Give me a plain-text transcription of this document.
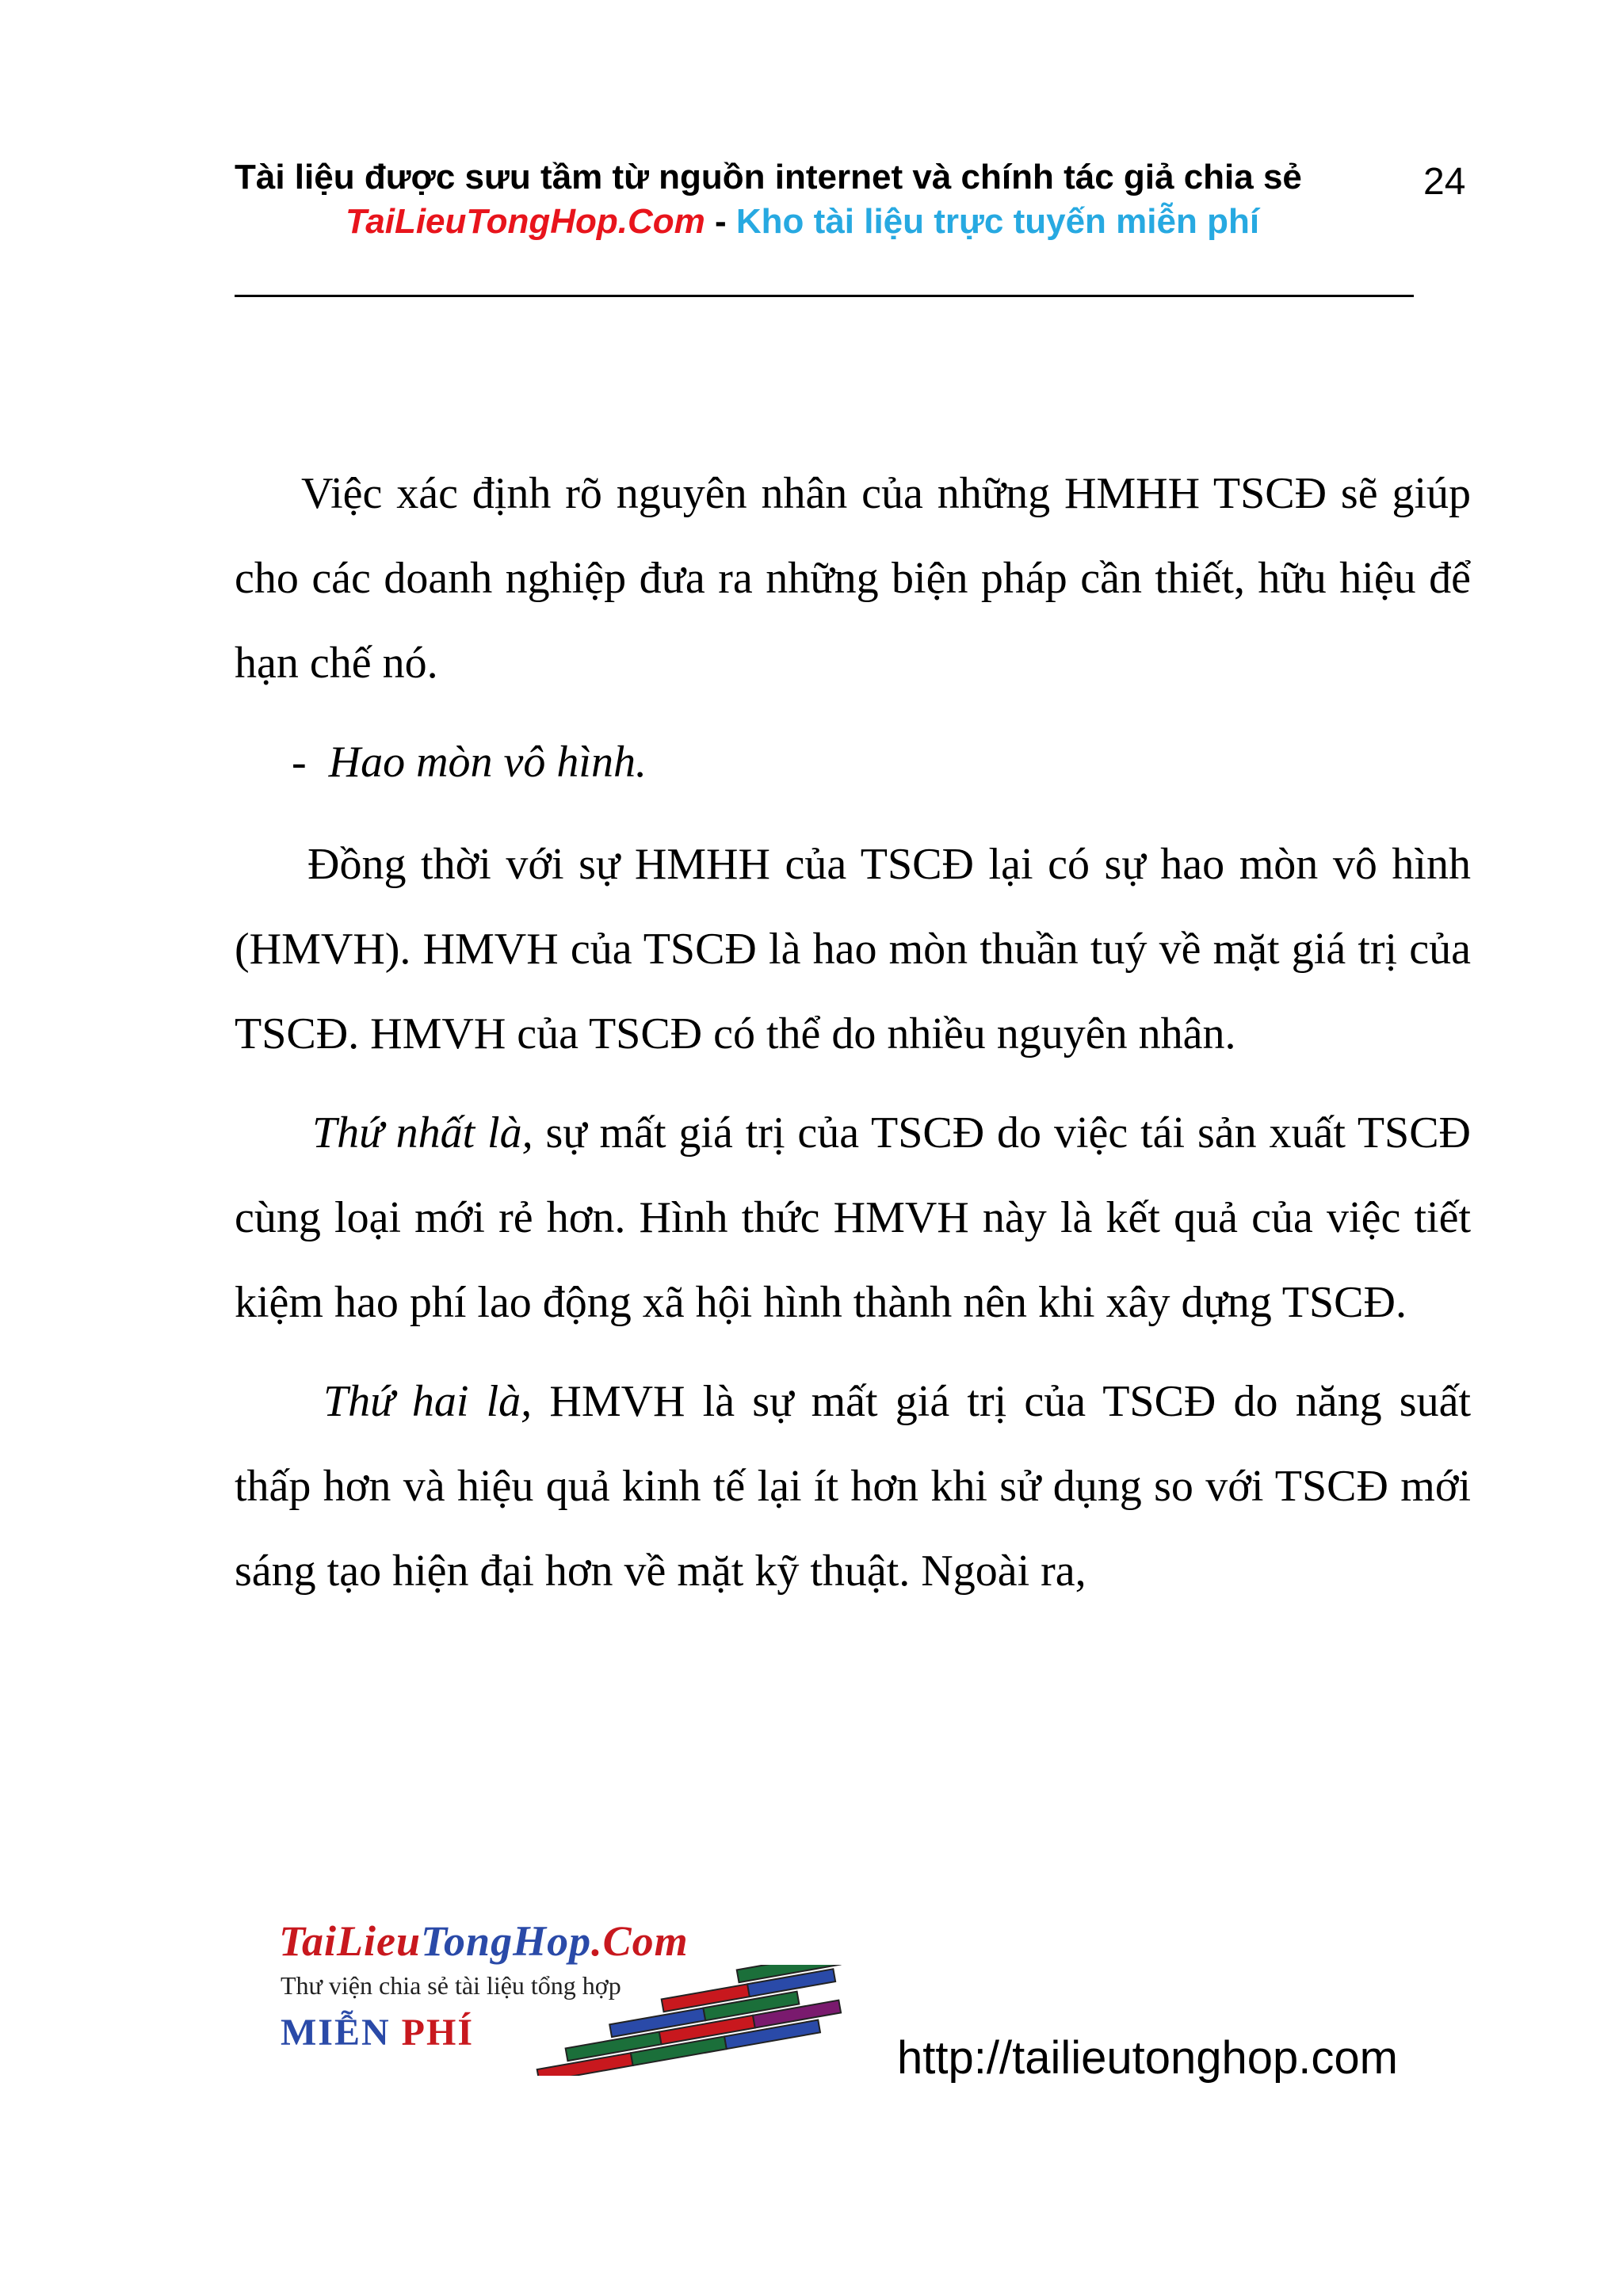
Tài liệu được sưu tầm từ nguồn internet và chính tác giả chia sẻ	24
TaiLieuTongHop.Com - Kho tài liệu trực tuyến miễn phí

Việc xác định rõ nguyên nhân của những HMHH TSCĐ sẽ giúp cho các doanh nghiệp đưa ra những biện pháp cần thiết, hữu hiệu để hạn chế nó.

- Hao mòn vô hình.

Đồng thời với sự HMHH của TSCĐ lại có sự hao mòn vô hình (HMVH). HMVH của TSCĐ là hao mòn thuần tuý về mặt giá trị của TSCĐ. HMVH của TSCĐ có thể do nhiều nguyên nhân.

Thứ nhất là, sự mất giá trị của TSCĐ do việc tái sản xuất TSCĐ cùng loại mới rẻ hơn. Hình thức HMVH này là kết quả của việc tiết kiệm hao phí lao động xã hội hình thành nên khi xây dựng TSCĐ.

Thứ hai là, HMVH là sự mất giá trị của TSCĐ do năng suất thấp hơn và hiệu quả kinh tế lại ít hơn khi sử dụng so với TSCĐ mới sáng tạo hiện đại hơn về mặt kỹ thuật. Ngoài ra,

TaiLieuTongHop.Com
Thư viện chia sẻ tài liệu tổng hợp
MIỄN PHÍ	http://tailieutonghop.com
